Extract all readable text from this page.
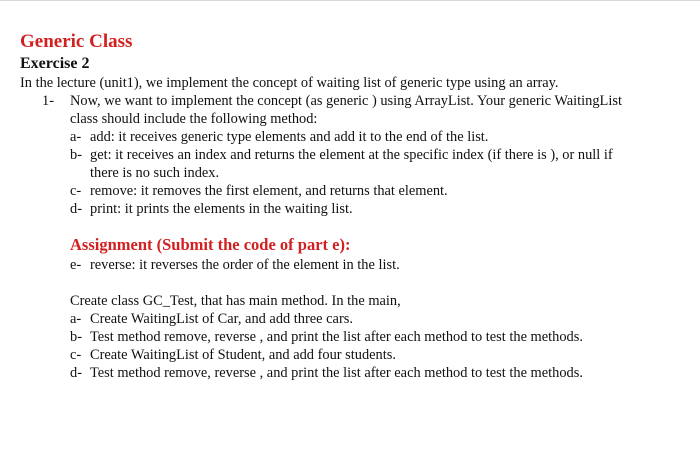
Generic Class
Exercise 2
In the lecture (unit1), we implement the concept of waiting list of generic type using an array.
1- Now, we want to implement the concept (as generic ) using ArrayList. Your generic WaitingList
class should include the following method:
a- add: it receives generic type elements and add it to the end of the list.
b- get: it receives an index and returns the element at the specific index (if there is ), or null if
there is no such index.
c- remove: it removes the first element, and returns that element.
d- print: it prints the elements in the waiting list.
Assignment (Submit the code of part e):
e- reverse: it reverses the order of the element in the list.
Create class GC_Test, that has main method. In the main,
a- Create WaitingList of Car, and add three cars.
b- Test method remove, reverse , and print the list after each method to test the methods.
c- Create WaitingList of Student, and add four students.
d- Test method remove, reverse , and print the list after each method to test the methods.
